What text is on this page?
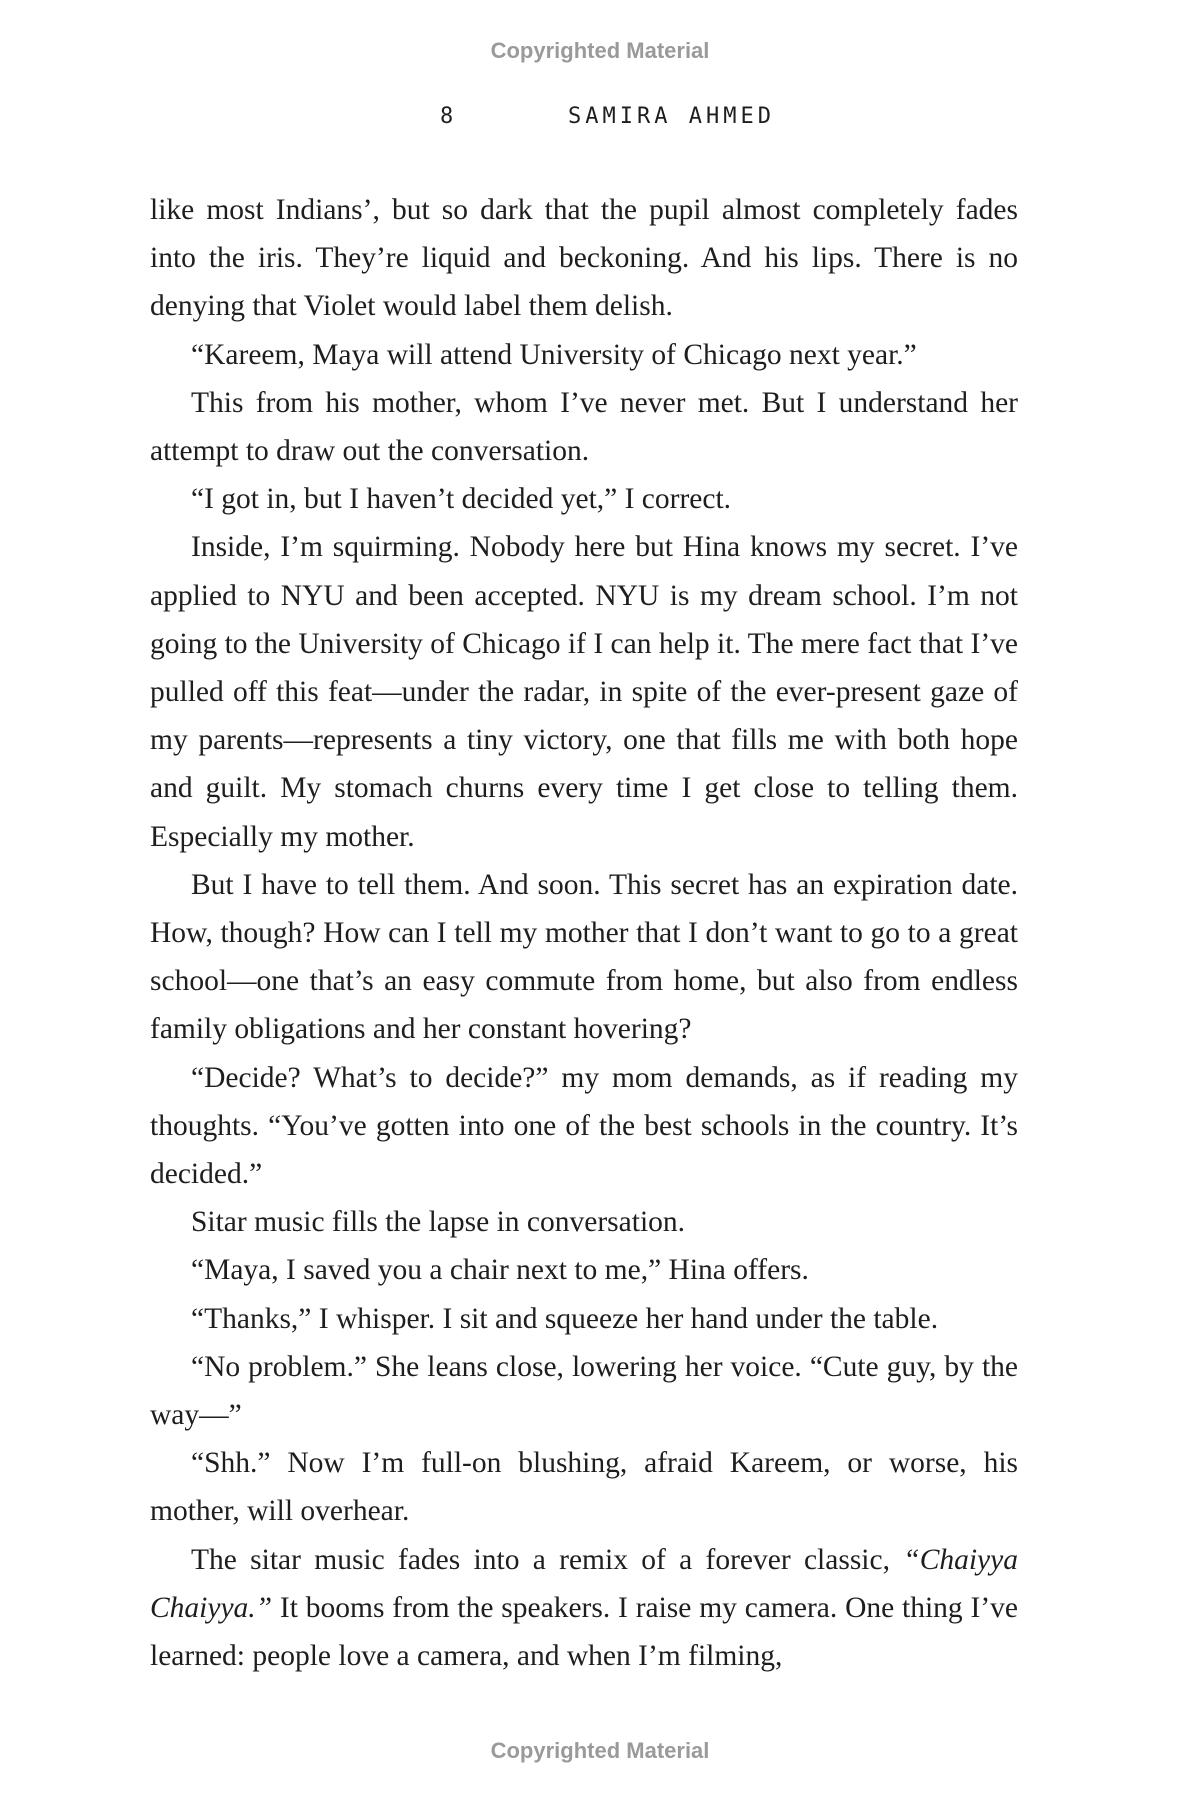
Copyrighted Material
8	SAMIRA AHMED

like most Indians’, but so dark that the pupil almost completely fades into the iris. They’re liquid and beckoning. And his lips. There is no denying that Violet would label them delish.

“Kareem, Maya will attend University of Chicago next year.”

This from his mother, whom I’ve never met. But I understand her attempt to draw out the conversation.

“I got in, but I haven’t decided yet,” I correct.

Inside, I’m squirming. Nobody here but Hina knows my secret. I’ve applied to NYU and been accepted. NYU is my dream school. I’m not going to the University of Chicago if I can help it. The mere fact that I’ve pulled off this feat—under the radar, in spite of the ever-present gaze of my parents—represents a tiny victory, one that fills me with both hope and guilt. My stomach churns every time I get close to telling them. Especially my mother.

But I have to tell them. And soon. This secret has an expiration date. How, though? How can I tell my mother that I don’t want to go to a great school—one that’s an easy commute from home, but also from endless family obligations and her constant hovering?

“Decide? What’s to decide?” my mom demands, as if reading my thoughts. “You’ve gotten into one of the best schools in the country. It’s decided.”

Sitar music fills the lapse in conversation.

“Maya, I saved you a chair next to me,” Hina offers.

“Thanks,” I whisper. I sit and squeeze her hand under the table.

“No problem.” She leans close, lowering her voice. “Cute guy, by the way—”

“Shh.” Now I’m full-on blushing, afraid Kareem, or worse, his mother, will overhear.

The sitar music fades into a remix of a forever classic, “Chaiyya Chaiyya.” It booms from the speakers. I raise my camera. One thing I’ve learned: people love a camera, and when I’m filming,

Copyrighted Material
